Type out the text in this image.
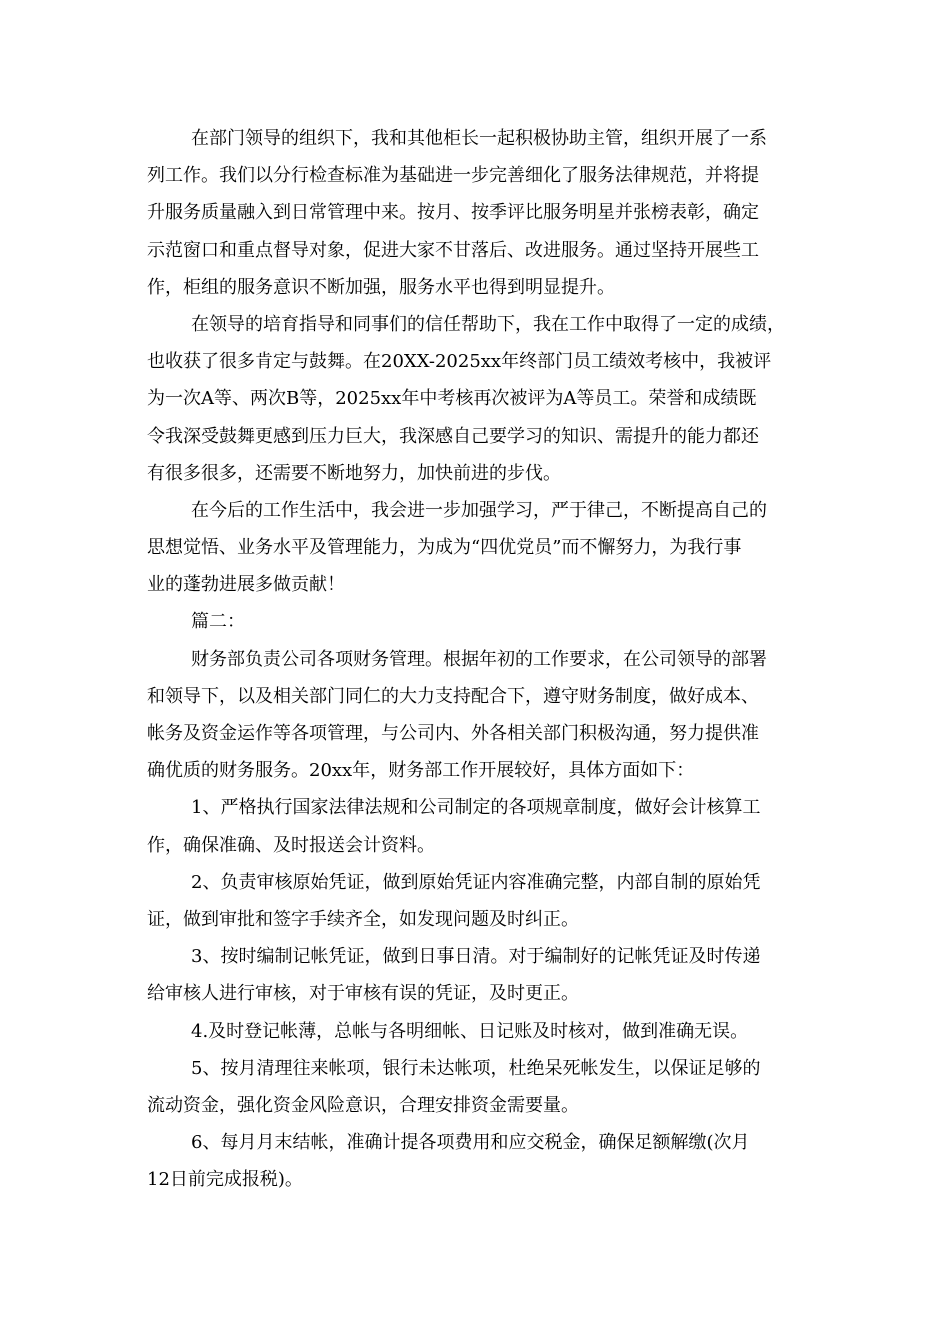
在部门领导的组织下，我和其他柜长一起积极协助主管，组织开展了一系
列工作。我们以分行检查标准为基础进一步完善细化了服务法律规范，并将提
升服务质量融入到日常管理中来。按月、按季评比服务明星并张榜表彰，确定
示范窗口和重点督导对象，促进大家不甘落后、改进服务。通过坚持开展些工
作，柜组的服务意识不断加强，服务水平也得到明显提升。
在领导的培育指导和同事们的信任帮助下，我在工作中取得了一定的成绩，
也收获了很多肯定与鼓舞。在20XX-2025xx年终部门员工绩效考核中，我被评
为一次A等、两次B等，2025xx年中考核再次被评为A等员工。荣誉和成绩既
令我深受鼓舞更感到压力巨大，我深感自己要学习的知识、需提升的能力都还
有很多很多，还需要不断地努力，加快前进的步伐。
在今后的工作生活中，我会进一步加强学习，严于律己，不断提高自己的
思想觉悟、业务水平及管理能力，为成为“四优党员”而不懈努力，为我行事
业的蓬勃进展多做贡献！
篇二：
财务部负责公司各项财务管理。根据年初的工作要求，在公司领导的部署
和领导下，以及相关部门同仁的大力支持配合下，遵守财务制度，做好成本、
帐务及资金运作等各项管理，与公司内、外各相关部门积极沟通，努力提供准
确优质的财务服务。20xx年，财务部工作开展较好，具体方面如下：
1、严格执行国家法律法规和公司制定的各项规章制度，做好会计核算工
作，确保准确、及时报送会计资料。
2、负责审核原始凭证，做到原始凭证内容准确完整，内部自制的原始凭
证，做到审批和签字手续齐全，如发现问题及时纠正。
3、按时编制记帐凭证，做到日事日清。对于编制好的记帐凭证及时传递
给审核人进行审核，对于审核有误的凭证，及时更正。
4.及时登记帐薄，总帐与各明细帐、日记账及时核对，做到准确无误。
5、按月清理往来帐项，银行未达帐项，杜绝呆死帐发生，以保证足够的
流动资金，强化资金风险意识，合理安排资金需要量。
6、每月月末结帐，准确计提各项费用和应交税金，确保足额解缴(次月
12日前完成报税)。
